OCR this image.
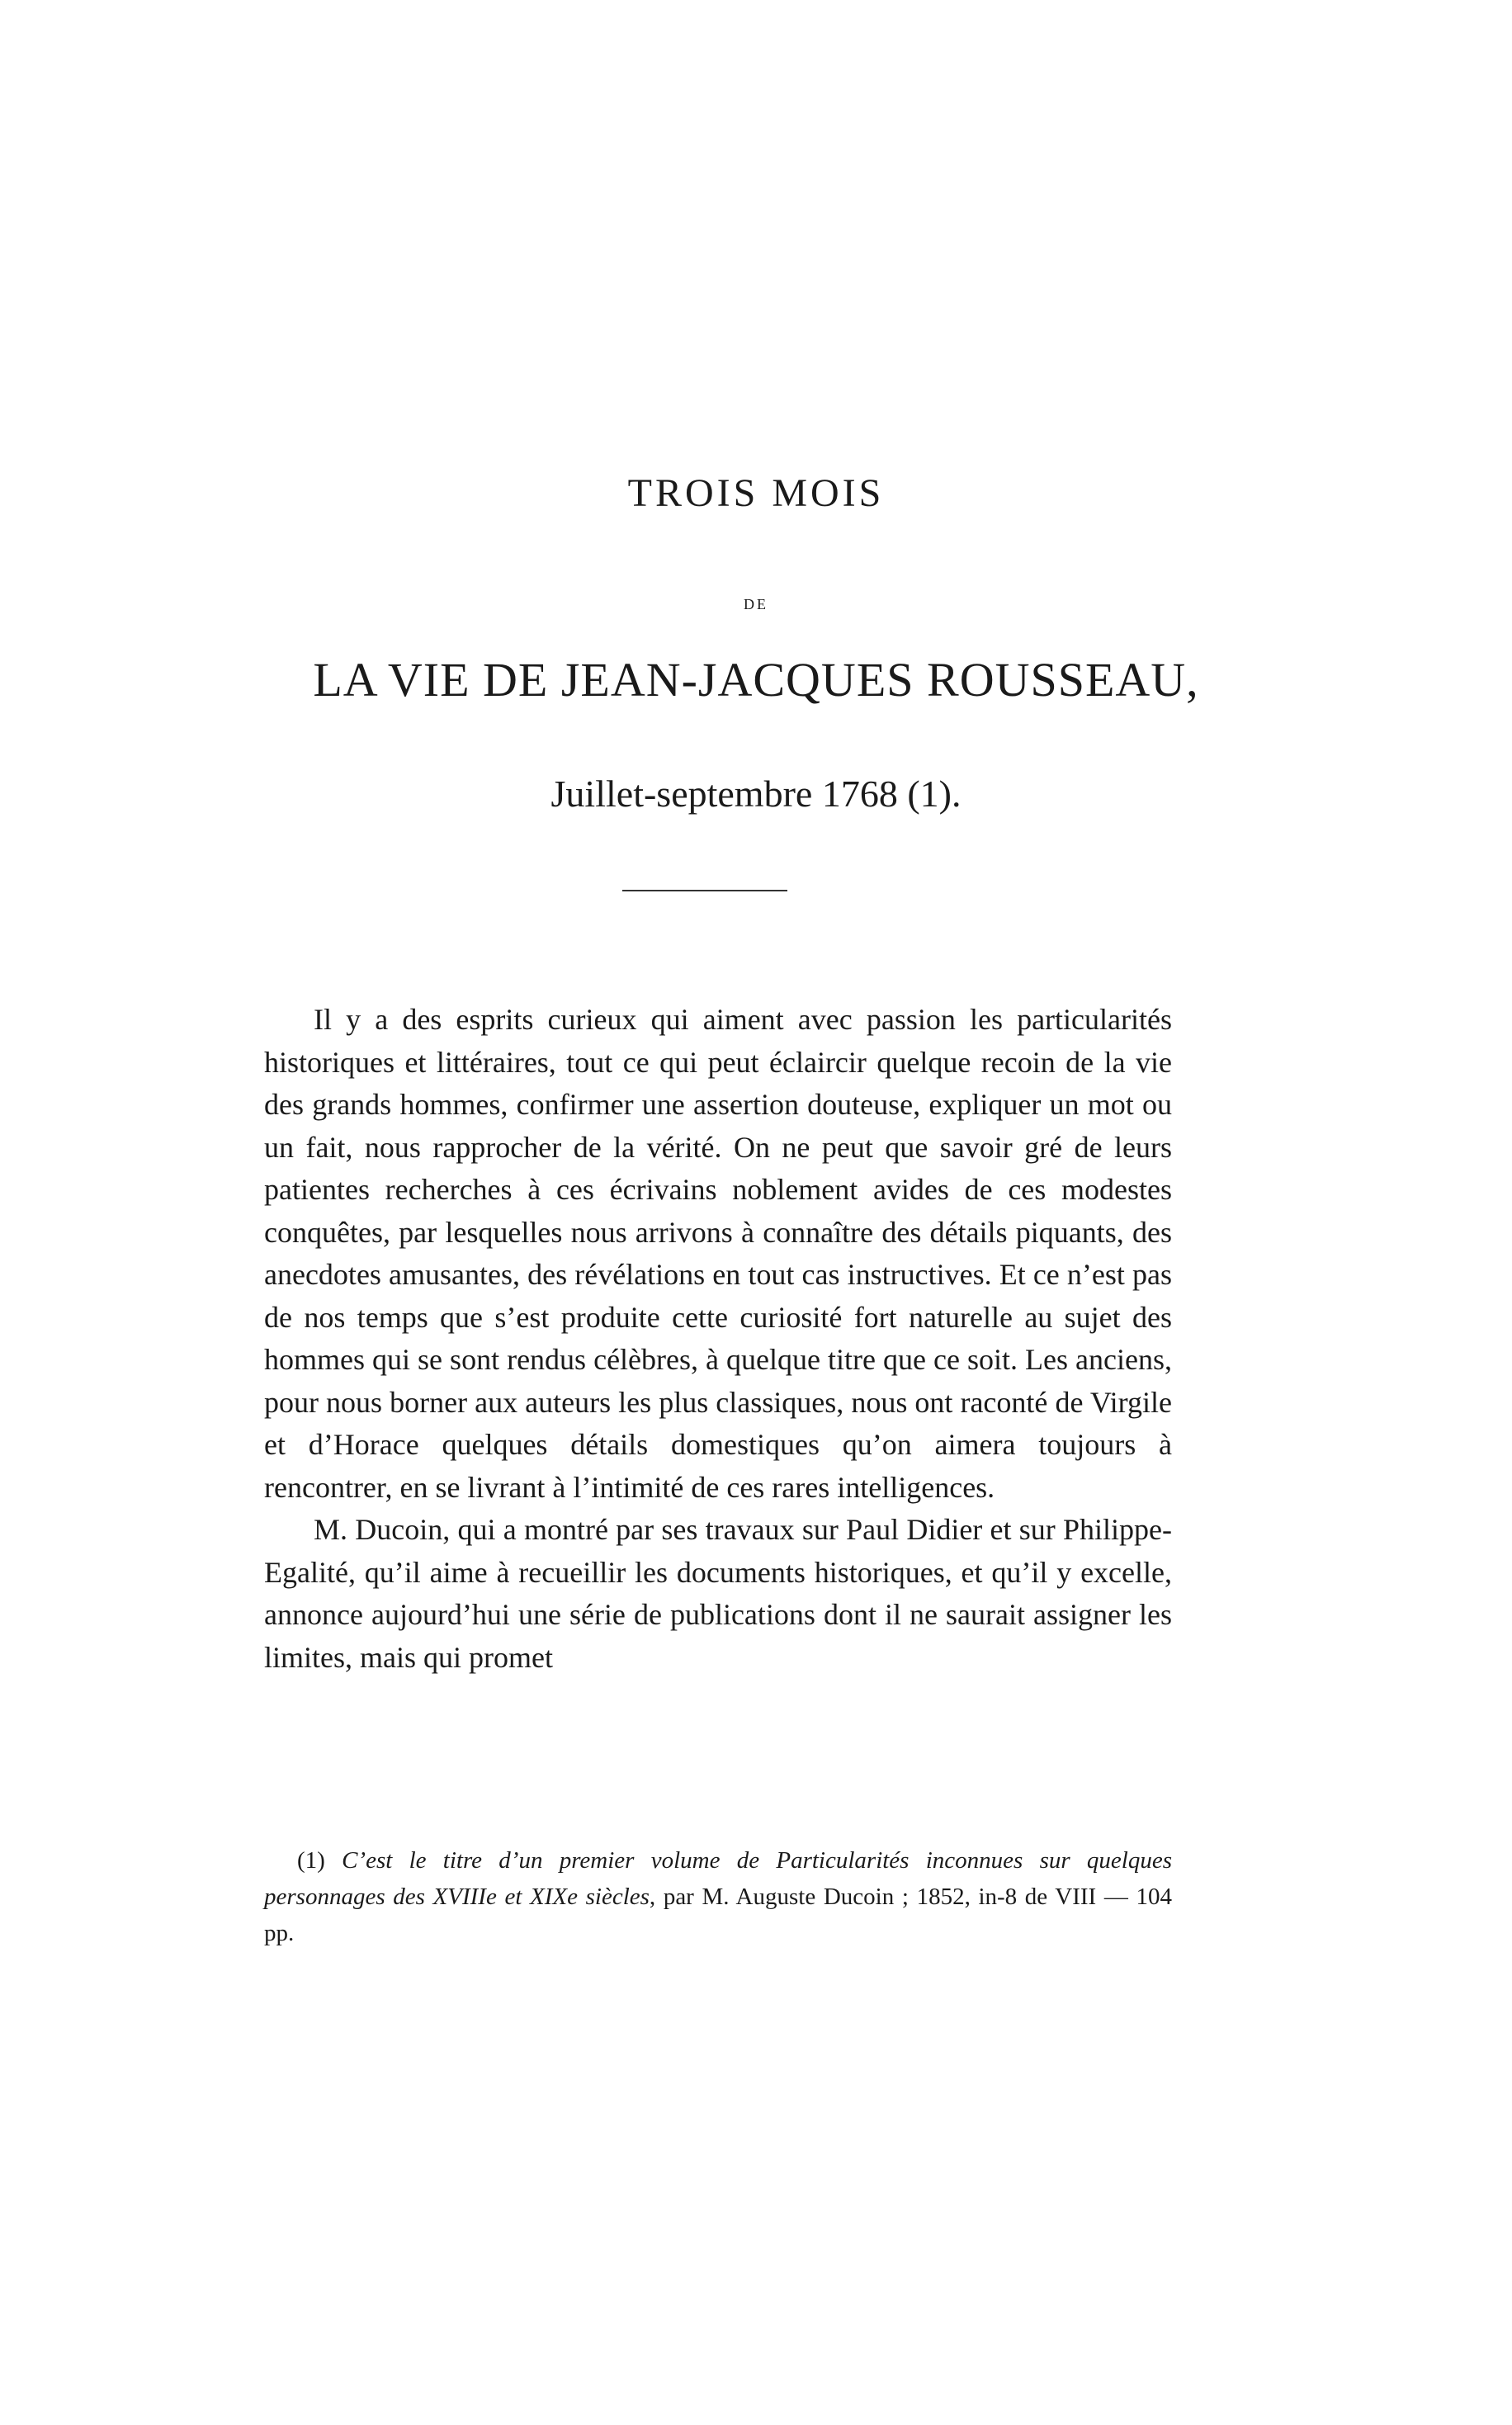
TROIS MOIS
DE
LA VIE DE JEAN-JACQUES ROUSSEAU,
Juillet-septembre 1768 (1).

Il y a des esprits curieux qui aiment avec passion les particularités historiques et littéraires, tout ce qui peut éclaircir quelque recoin de la vie des grands hommes, confirmer une assertion douteuse, expliquer un mot ou un fait, nous rapprocher de la vérité. On ne peut que savoir gré de leurs patientes recherches à ces écrivains noblement avides de ces modestes conquêtes, par lesquelles nous arrivons à connaître des détails piquants, des anecdotes amusantes, des révélations en tout cas instructives. Et ce n’est pas de nos temps que s’est produite cette curiosité fort naturelle au sujet des hommes qui se sont rendus célèbres, à quelque titre que ce soit. Les anciens, pour nous borner aux auteurs les plus classiques, nous ont raconté de Virgile et d’Horace quelques détails domestiques qu’on aimera toujours à rencontrer, en se livrant à l’intimité de ces rares intelligences.

M. Ducoin, qui a montré par ses travaux sur Paul Didier et sur Philippe-Egalité, qu’il aime à recueillir les documents historiques, et qu’il y excelle, annonce aujourd’hui une série de publications dont il ne saurait assigner les limites, mais qui promet

(1) C’est le titre d’un premier volume de Particularités inconnues sur quelques personnages des XVIIIe et XIXe siècles, par M. Auguste Ducoin ; 1852, in-8 de VIII — 104 pp.
